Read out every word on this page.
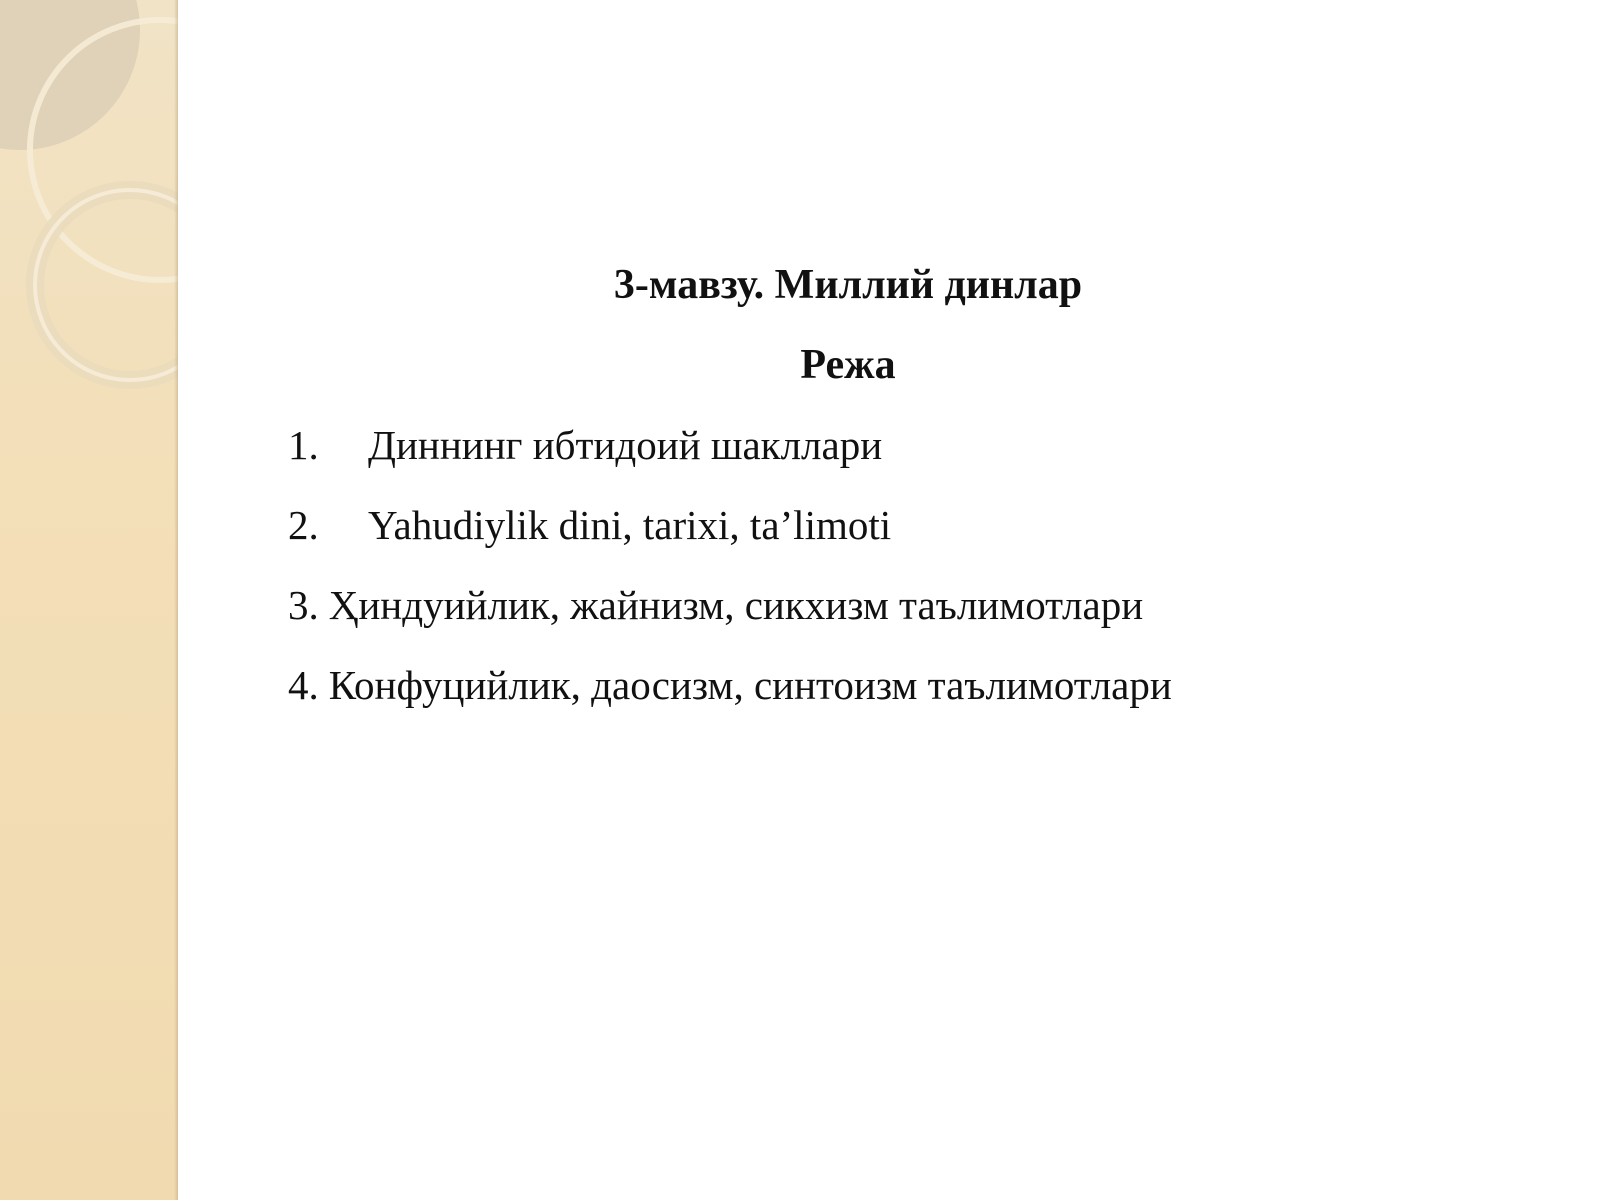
3-мавзу. Миллий динлар
Режа
1.	Диннинг ибтидоий шакллари
2.	Yahudiylik dini, tarixi, ta’limoti
3. Ҳиндуийлик, жайнизм, сикхизм таълимотлари
4. Конфуцийлик, даосизм, синтоизм таълимотлари
